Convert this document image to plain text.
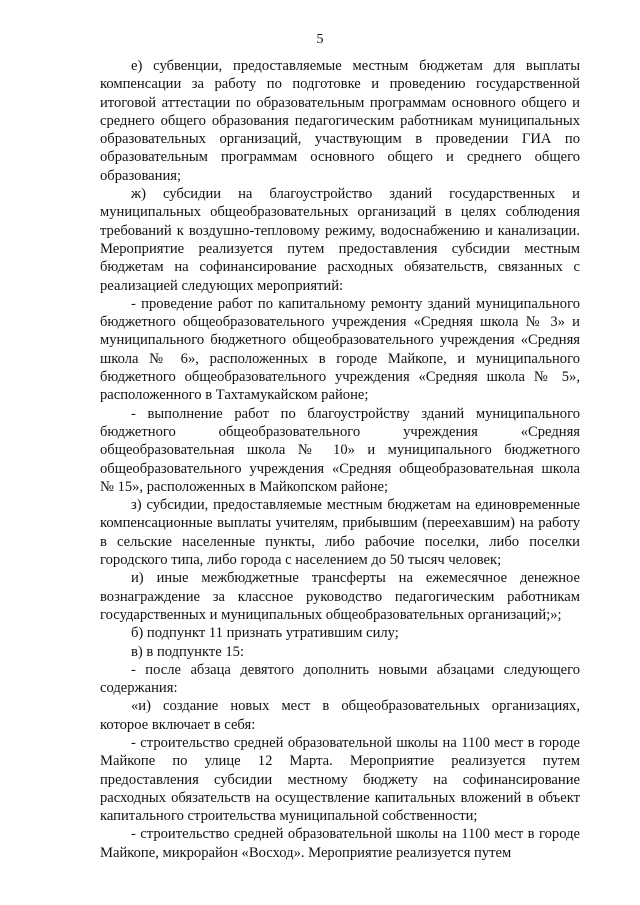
5

е) субвенции, предоставляемые местным бюджетам для выплаты компенсации за работу по подготовке и проведению государственной итоговой аттестации по образовательным программам основного общего и среднего общего образования педагогическим работникам муниципальных образовательных организаций, участвующим в проведении ГИА по образовательным программам основного общего и среднего общего образования;

ж) субсидии на благоустройство зданий государственных и муниципальных общеобразовательных организаций в целях соблюдения требований к воздушно-тепловому режиму, водоснабжению и канализации. Мероприятие реализуется путем предоставления субсидии местным бюджетам на софинансирование расходных обязательств, связанных с реализацией следующих мероприятий:

- проведение работ по капитальному ремонту зданий муниципального бюджетного общеобразовательного учреждения «Средняя школа № 3» и муниципального бюджетного общеобразовательного учреждения «Средняя школа № 6», расположенных в городе Майкопе, и муниципального бюджетного общеобразовательного учреждения «Средняя школа № 5», расположенного в Тахтамукайском районе;

- выполнение работ по благоустройству зданий муниципального бюджетного общеобразовательного учреждения «Средняя общеобразовательная школа № 10» и муниципального бюджетного общеобразовательного учреждения «Средняя общеобразовательная школа № 15», расположенных в Майкопском районе;

з) субсидии, предоставляемые местным бюджетам на единовременные компенсационные выплаты учителям, прибывшим (переехавшим) на работу в сельские населенные пункты, либо рабочие поселки, либо поселки городского типа, либо города с населением до 50 тысяч человек;

и) иные межбюджетные трансферты на ежемесячное денежное вознаграждение за классное руководство педагогическим работникам государственных и муниципальных общеобразовательных организаций;»;

б) подпункт 11 признать утратившим силу;

в) в подпункте 15:

- после абзаца девятого дополнить новыми абзацами следующего содержания:

«и) создание новых мест в общеобразовательных организациях, которое включает в себя:

- строительство средней образовательной школы на 1100 мест в городе Майкопе по улице 12 Марта. Мероприятие реализуется путем предоставления субсидии местному бюджету на софинансирование расходных обязательств на осуществление капитальных вложений в объект капитального строительства муниципальной собственности;

- строительство средней образовательной школы на 1100 мест в городе Майкопе, микрорайон «Восход». Мероприятие реализуется путем
